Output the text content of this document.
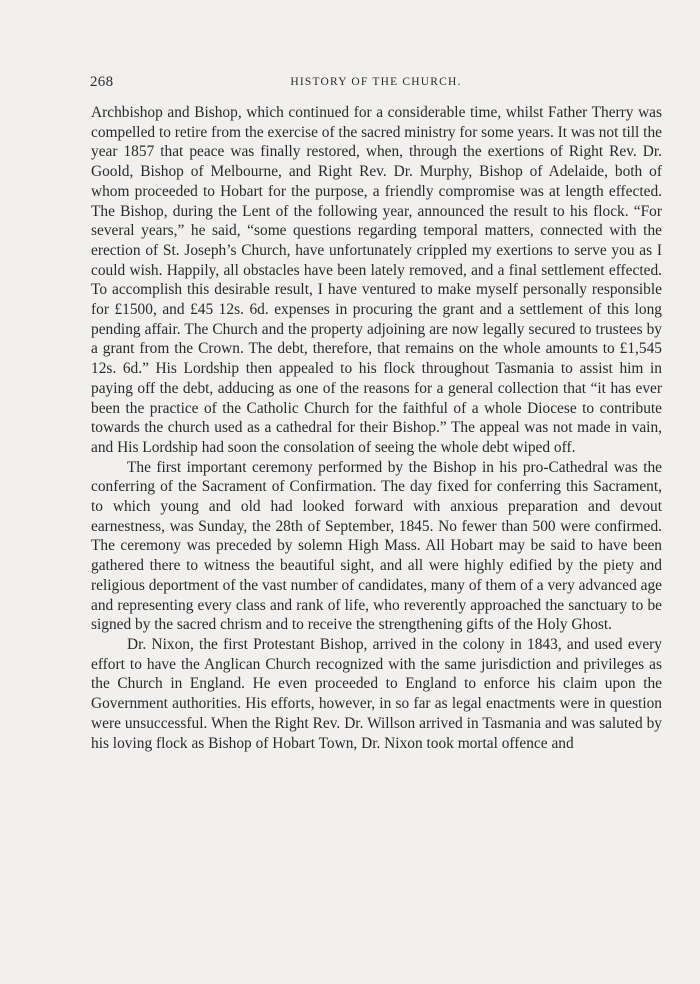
268	HISTORY OF THE CHURCH.

Archbishop and Bishop, which continued for a considerable time, whilst Father Therry was compelled to retire from the exercise of the sacred ministry for some years. It was not till the year 1857 that peace was finally restored, when, through the exertions of Right Rev. Dr. Goold, Bishop of Melbourne, and Right Rev. Dr. Murphy, Bishop of Adelaide, both of whom proceeded to Hobart for the purpose, a friendly compromise was at length effected. The Bishop, during the Lent of the following year, announced the result to his flock. “For several years,” he said, “some questions regarding temporal matters, connected with the erection of St. Joseph’s Church, have unfortunately crippled my exertions to serve you as I could wish. Happily, all obstacles have been lately removed, and a final settlement effected. To accomplish this desirable result, I have ventured to make myself personally responsible for £1500, and £45 12s. 6d. expenses in procuring the grant and a settlement of this long pending affair. The Church and the property adjoining are now legally secured to trustees by a grant from the Crown. The debt, therefore, that remains on the whole amounts to £1,545 12s. 6d.” His Lordship then appealed to his flock throughout Tasmania to assist him in paying off the debt, adducing as one of the reasons for a general collection that “it has ever been the practice of the Catholic Church for the faithful of a whole Diocese to contribute towards the church used as a cathedral for their Bishop.” The appeal was not made in vain, and His Lordship had soon the consolation of seeing the whole debt wiped off.

The first important ceremony performed by the Bishop in his pro-Cathedral was the conferring of the Sacrament of Confirmation. The day fixed for conferring this Sacrament, to which young and old had looked forward with anxious preparation and devout earnestness, was Sunday, the 28th of September, 1845. No fewer than 500 were confirmed. The ceremony was preceded by solemn High Mass. All Hobart may be said to have been gathered there to witness the beautiful sight, and all were highly edified by the piety and religious deportment of the vast number of candidates, many of them of a very advanced age and representing every class and rank of life, who reverently approached the sanctuary to be signed by the sacred chrism and to receive the strengthening gifts of the Holy Ghost.

Dr. Nixon, the first Protestant Bishop, arrived in the colony in 1843, and used every effort to have the Anglican Church recognized with the same jurisdiction and privileges as the Church in England. He even proceeded to England to enforce his claim upon the Government authorities. His efforts, however, in so far as legal enactments were in question were unsuccessful. When the Right Rev. Dr. Willson arrived in Tasmania and was saluted by his loving flock as Bishop of Hobart Town, Dr. Nixon took mortal offence and
